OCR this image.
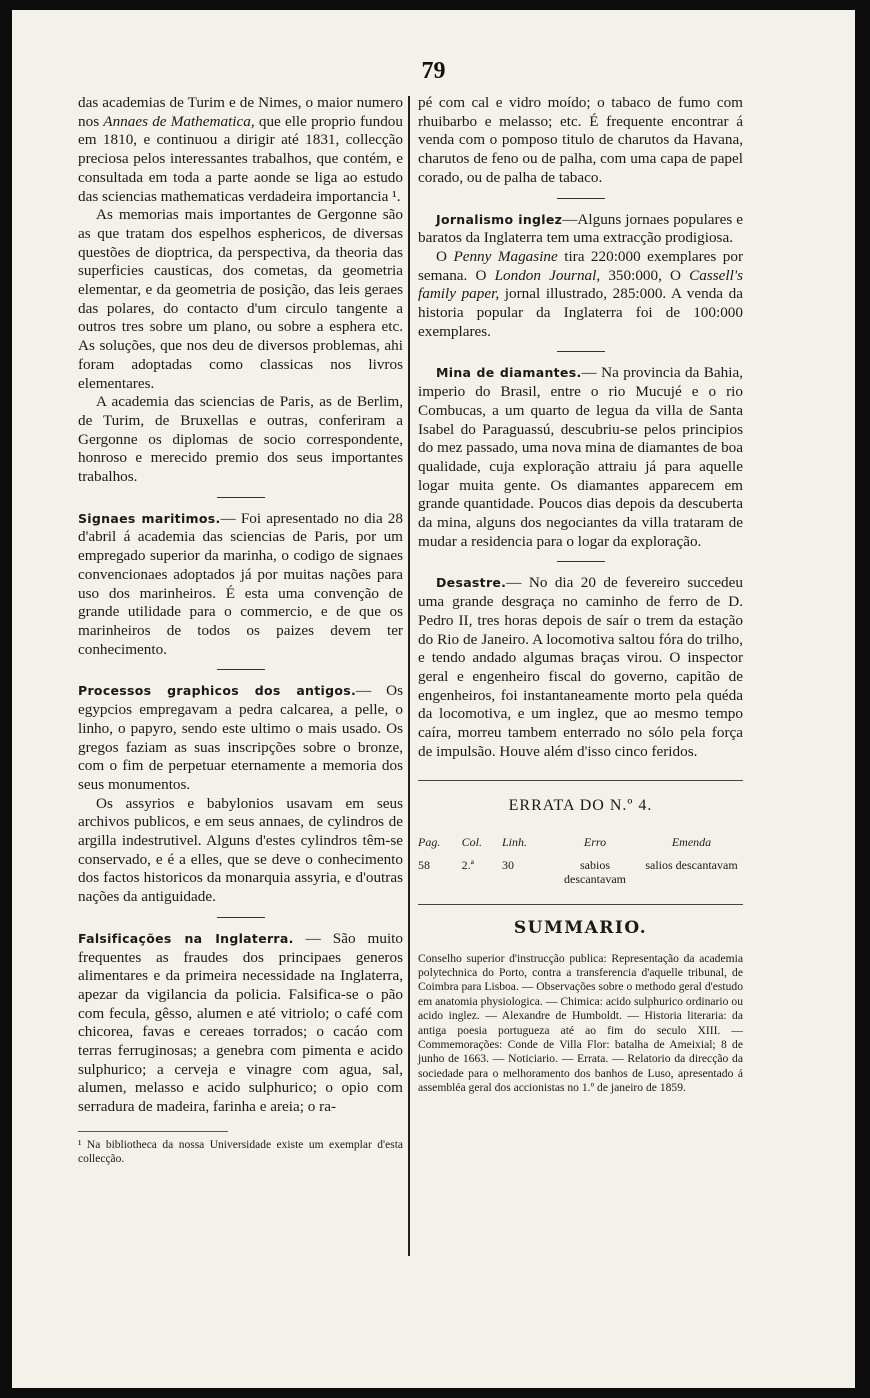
79

das academias de Turim e de Nimes, o maior numero nos Annaes de Mathematica, que elle proprio fundou em 1810, e continuou a dirigir até 1831, collecção preciosa pelos interessantes trabalhos, que contém, e consultada em toda a parte aonde se liga ao estudo das sciencias mathematicas verdadeira importancia ¹.

As memorias mais importantes de Gergonne são as que tratam dos espelhos esphericos, de diversas questões de dioptrica, da perspectiva, da theoria das superficies causticas, dos cometas, da geometria elementar, e da geometria de posição, das leis geraes das polares, do contacto d'um circulo tangente a outros tres sobre um plano, ou sobre a esphera etc. As soluções, que nos deu de diversos problemas, ahi foram adoptadas como classicas nos livros elementares.

A academia das sciencias de Paris, as de Berlim, de Turim, de Bruxellas e outras, conferiram a Gergonne os diplomas de socio correspondente, honroso e merecido premio dos seus importantes trabalhos.

Signaes maritimos.— Foi apresentado no dia 28 d'abril á academia das sciencias de Paris, por um empregado superior da marinha, o codigo de signaes convencionaes adoptados já por muitas nações para uso dos marinheiros. É esta uma convenção de grande utilidade para o commercio, e de que os marinheiros de todos os paizes devem ter conhecimento.

Processos graphicos dos antigos.— Os egypcios empregavam a pedra calcarea, a pelle, o linho, o papyro, sendo este ultimo o mais usado. Os gregos faziam as suas inscripções sobre o bronze, com o fim de perpetuar eternamente a memoria dos seus monumentos.

Os assyrios e babylonios usavam em seus archivos publicos, e em seus annaes, de cylindros de argilla indestrutivel. Alguns d'estes cylindros têm-se conservado, e é a elles, que se deve o conhecimento dos factos historicos da monarquia assyria, e d'outras nações da antiguidade.

Falsificações na Inglaterra. — São muito frequentes as fraudes dos principaes generos alimentares e da primeira necessidade na Inglaterra, apezar da vigilancia da policia. Falsifica-se o pão com fecula, gêsso, alumen e até vitriolo; o café com chicorea, favas e cereaes torrados; o cacáo com terras ferruginosas; a genebra com pimenta e acido sulphurico; a cerveja e vinagre com agua, sal, alumen, melasso e acido sulphurico; o opio com serradura de madeira, farinha e areia; o ra-

¹ Na bibliotheca da nossa Universidade existe um exemplar d'esta collecção.

pé com cal e vidro moído; o tabaco de fumo com rhuibarbo e melasso; etc. É frequente encontrar á venda com o pomposo titulo de charutos da Havana, charutos de feno ou de palha, com uma capa de papel corado, ou de palha de tabaco.

Jornalismo inglez—Alguns jornaes populares e baratos da Inglaterra tem uma extracção prodigiosa.

O Penny Magasine tira 220:000 exemplares por semana. O London Journal, 350:000, O Cassell's family paper, jornal illustrado, 285:000. A venda da historia popular da Inglaterra foi de 100:000 exemplares.

Mina de diamantes.— Na provincia da Bahia, imperio do Brasil, entre o rio Mucujé e o rio Combucas, a um quarto de legua da villa de Santa Isabel do Paraguassú, descubriu-se pelos principios do mez passado, uma nova mina de diamantes de boa qualidade, cuja exploração attraiu já para aquelle logar muita gente. Os diamantes apparecem em grande quantidade. Poucos dias depois da descuberta da mina, alguns dos negociantes da villa trataram de mudar a residencia para o logar da exploração.

Desastre.— No dia 20 de fevereiro succedeu uma grande desgraça no caminho de ferro de D. Pedro II, tres horas depois de saír o trem da estação do Rio de Janeiro. A locomotiva saltou fóra do trilho, e tendo andado algumas braças virou. O inspector geral e engenheiro fiscal do governo, capitão de engenheiros, foi instantaneamente morto pela quéda da locomotiva, e um inglez, que ao mesmo tempo caíra, morreu tambem enterrado no sólo pela força de impulsão. Houve além d'isso cinco feridos.

ERRATA DO N.º 4.
Pag.	Col.	Linh.	Erro	Emenda
58	2.ª	30	sabios descantavam	salios descantavam
SUMMARIO.

Conselho superior d'instrucção publica: Representação da academia polytechnica do Porto, contra a transferencia d'aquelle tribunal, de Coimbra para Lisboa. — Observações sobre o methodo geral d'estudo em anatomia physiologica. — Chimica: acido sulphurico ordinario ou acido inglez. — Alexandre de Humboldt. — Historia literaria: da antiga poesia portugueza até ao fim do seculo XIII. — Commemorações: Conde de Villa Flor: batalha de Ameixial; 8 de junho de 1663. — Noticiario. — Errata. — Relatorio da direcção da sociedade para o melhoramento dos banhos de Luso, apresentado á assembléa geral dos accionistas no 1.º de janeiro de 1859.
